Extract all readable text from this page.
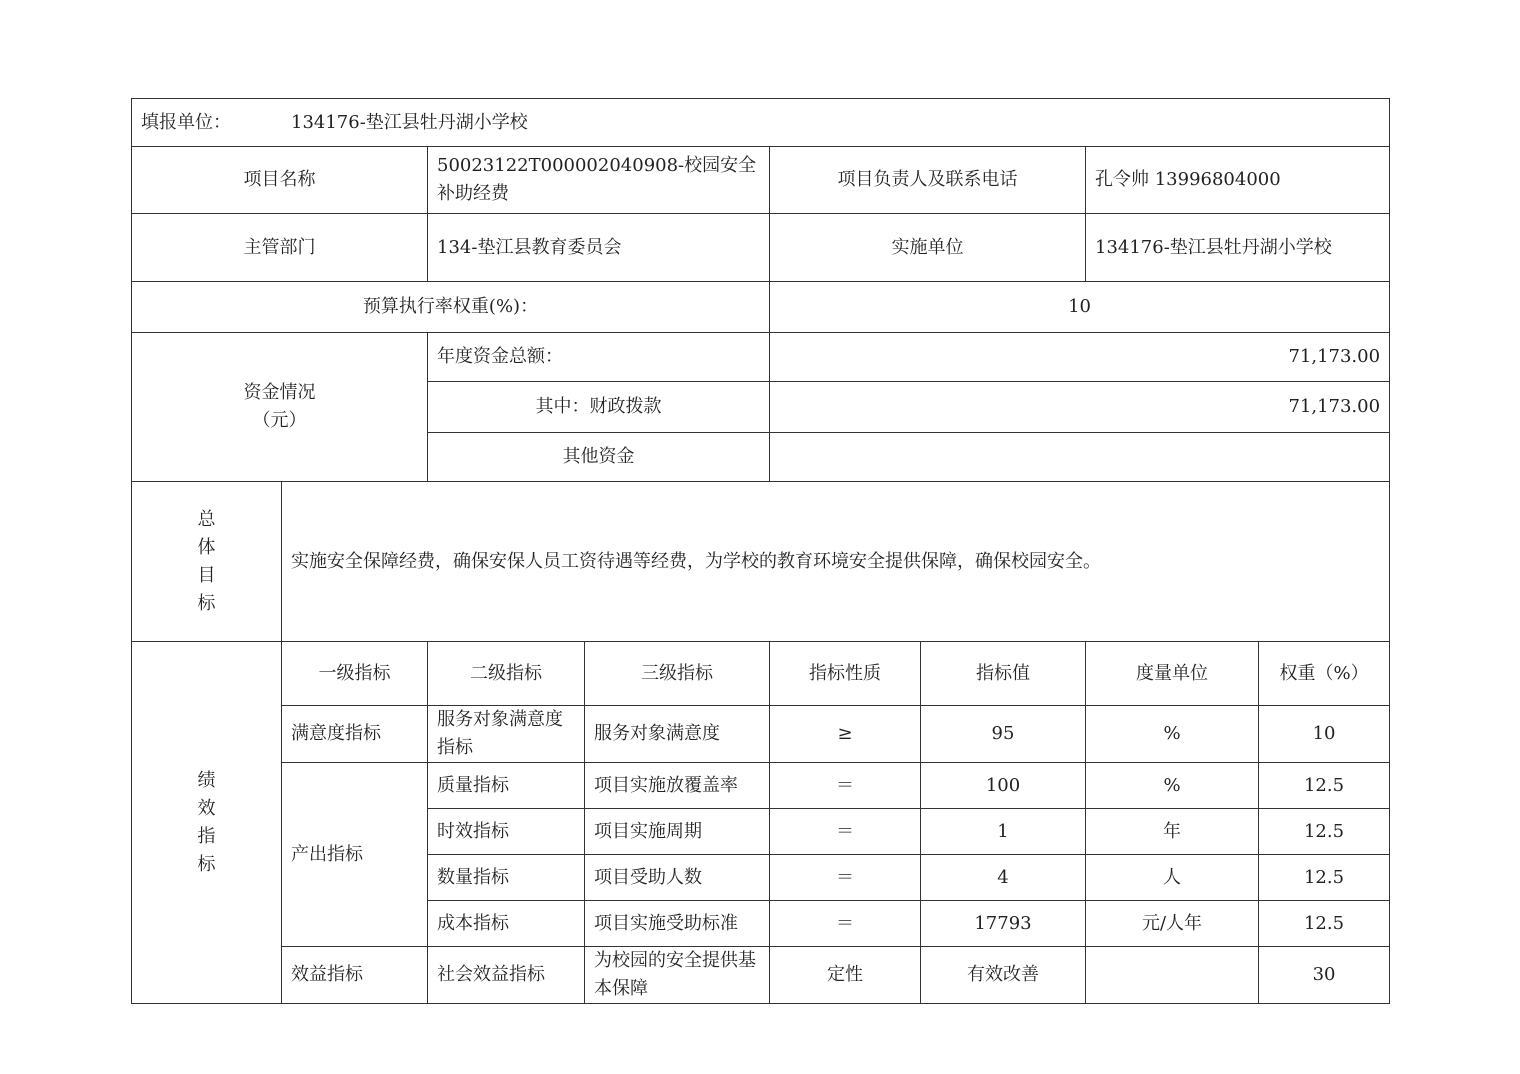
填报单位： 134176-垫江县牡丹湖小学校							
项目名称		50023122T000002040908-校园安全补助经费		项目负责人及联系电话		孔令帅 13996804000	
主管部门		134-垫江县教育委员会		实施单位		134176-垫江县牡丹湖小学校	
预算执行率权重(%)：				10			

资金情况
（元）		年度资金总额：		71,173.00			
		其中：财政拨款		71,173.00			
		其他资金					

总
体
目
标	实施安全保障经费，确保安保人员工资待遇等经费，为学校的教育环境安全提供保障，确保校园安全。						

绩
效
指
标	一级指标	二级指标	三级指标	指标性质	指标值	度量单位	权重（%）
	满意度指标	服务对象满意度指标	服务对象满意度	≥	95	%	10
	产出指标	质量指标	项目实施放覆盖率	＝	100	%	12.5
		时效指标	项目实施周期	＝	1	年	12.5
		数量指标	项目受助人数	＝	4	人	12.5
		成本指标	项目实施受助标准	＝	17793	元/人年	12.5
	效益指标	社会效益指标	为校园的安全提供基本保障	定性	有效改善		30
